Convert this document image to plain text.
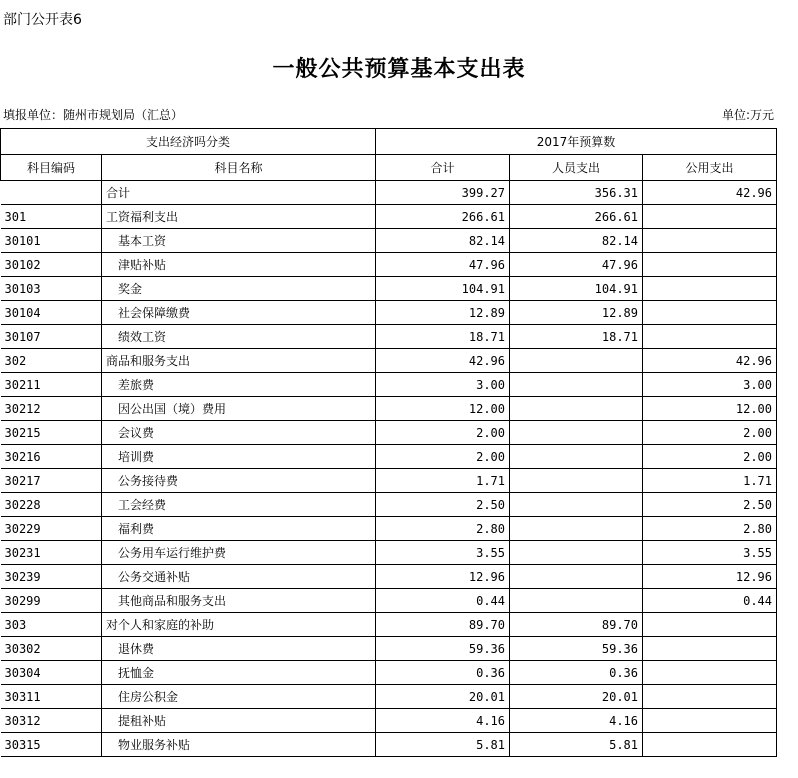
部门公开表6
一般公共预算基本支出表
填报单位：随州市规划局（汇总）	单位:万元
支出经济吗分类		2017年预算数		
科目编码	科目名称	合计	人员支出	公用支出
	合计	399.27	356.31	42.96
301	工资福利支出	266.61	266.61	
30101	基本工资	82.14	82.14	
30102	津贴补贴	47.96	47.96	
30103	奖金	104.91	104.91	
30104	社会保障缴费	12.89	12.89	
30107	绩效工资	18.71	18.71	
302	商品和服务支出	42.96		42.96
30211	差旅费	3.00		3.00
30212	因公出国（境）费用	12.00		12.00
30215	会议费	2.00		2.00
30216	培训费	2.00		2.00
30217	公务接待费	1.71		1.71
30228	工会经费	2.50		2.50
30229	福利费	2.80		2.80
30231	公务用车运行维护费	3.55		3.55
30239	公务交通补贴	12.96		12.96
30299	其他商品和服务支出	0.44		0.44
303	对个人和家庭的补助	89.70	89.70	
30302	退休费	59.36	59.36	
30304	抚恤金	0.36	0.36	
30311	住房公积金	20.01	20.01	
30312	提租补贴	4.16	4.16	
30315	物业服务补贴	5.81	5.81	
